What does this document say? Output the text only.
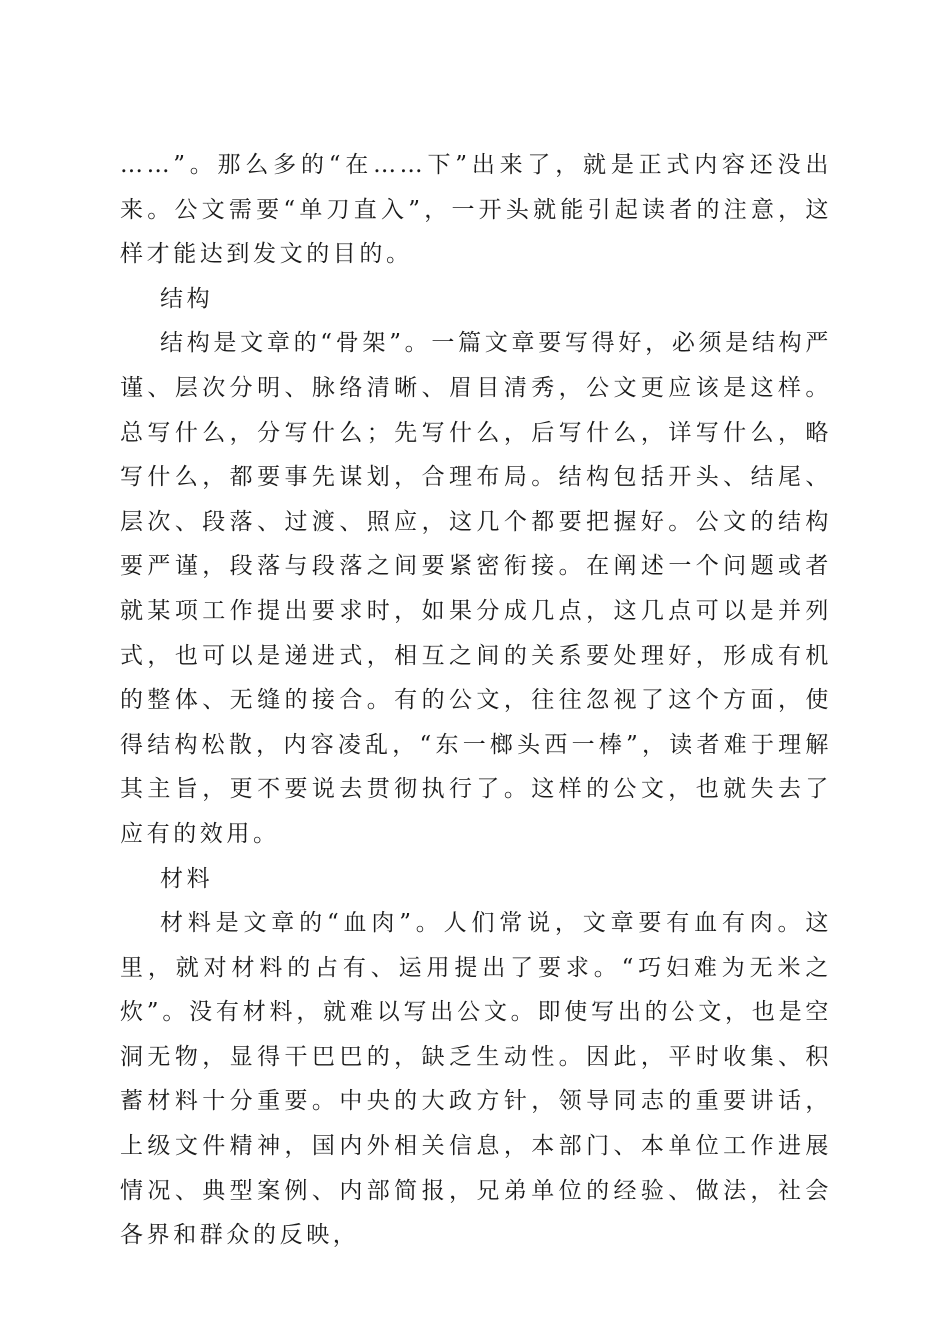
……”。那么多的“在……下”出来了，就是正式内容还没出来。公文需要“单刀直入”，一开头就能引起读者的注意，这样才能达到发文的目的。

结构

结构是文章的“骨架”。一篇文章要写得好，必须是结构严谨、层次分明、脉络清晰、眉目清秀，公文更应该是这样。总写什么，分写什么；先写什么，后写什么，详写什么，略写什么，都要事先谋划，合理布局。结构包括开头、结尾、层次、段落、过渡、照应，这几个都要把握好。公文的结构要严谨，段落与段落之间要紧密衔接。在阐述一个问题或者就某项工作提出要求时，如果分成几点，这几点可以是并列式，也可以是递进式，相互之间的关系要处理好，形成有机的整体、无缝的接合。有的公文，往往忽视了这个方面，使得结构松散，内容凌乱，“东一榔头西一棒”，读者难于理解其主旨，更不要说去贯彻执行了。这样的公文，也就失去了应有的效用。

材料

材料是文章的“血肉”。人们常说，文章要有血有肉。这里，就对材料的占有、运用提出了要求。“巧妇难为无米之炊”。没有材料，就难以写出公文。即使写出的公文，也是空洞无物，显得干巴巴的，缺乏生动性。因此，平时收集、积蓄材料十分重要。中央的大政方针，领导同志的重要讲话，上级文件精神，国内外相关信息，本部门、本单位工作进展情况、典型案例、内部简报，兄弟单位的经验、做法，社会各界和群众的反映，
